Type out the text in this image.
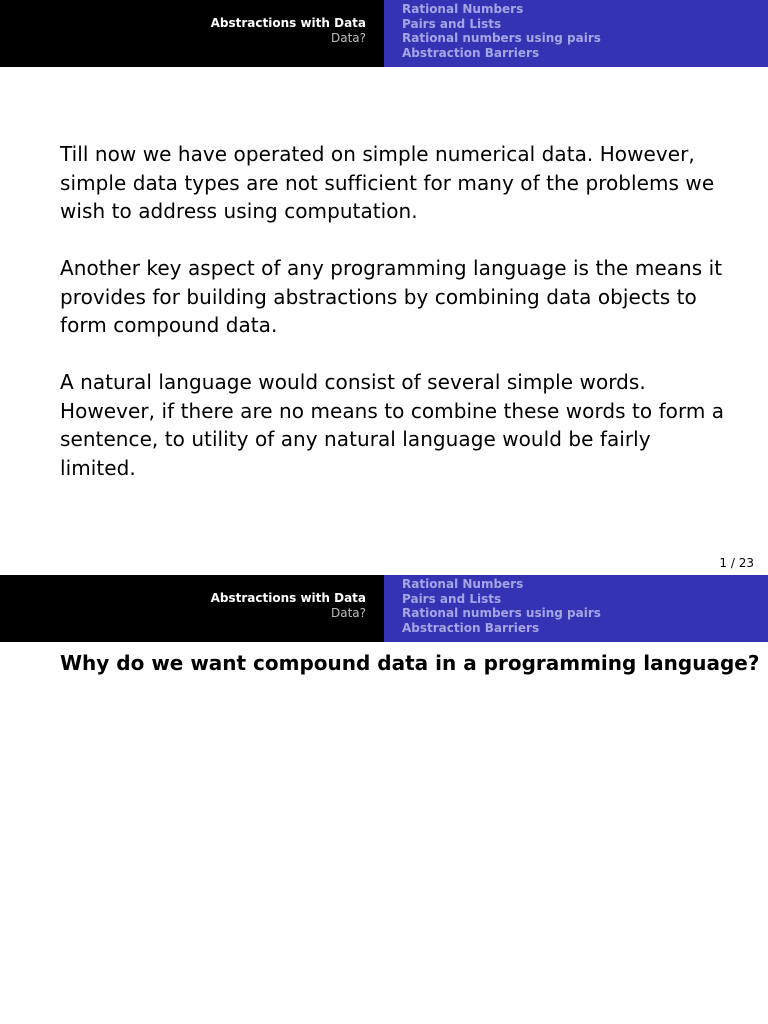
Abstractions with Data
Data?
Rational Numbers
Pairs and Lists
Rational numbers using pairs
Abstraction Barriers

Till now we have operated on simple numerical data. However, simple data types are not sufficient for many of the problems we wish to address using computation.

Another key aspect of any programming language is the means it provides for building abstractions by combining data objects to form compound data.

A natural language would consist of several simple words. However, if there are no means to combine these words to form a sentence, to utility of any natural language would be fairly limited.

1 / 23
Abstractions with Data
Data?
Rational Numbers
Pairs and Lists
Rational numbers using pairs
Abstraction Barriers
Why do we want compound data in a programming language?
